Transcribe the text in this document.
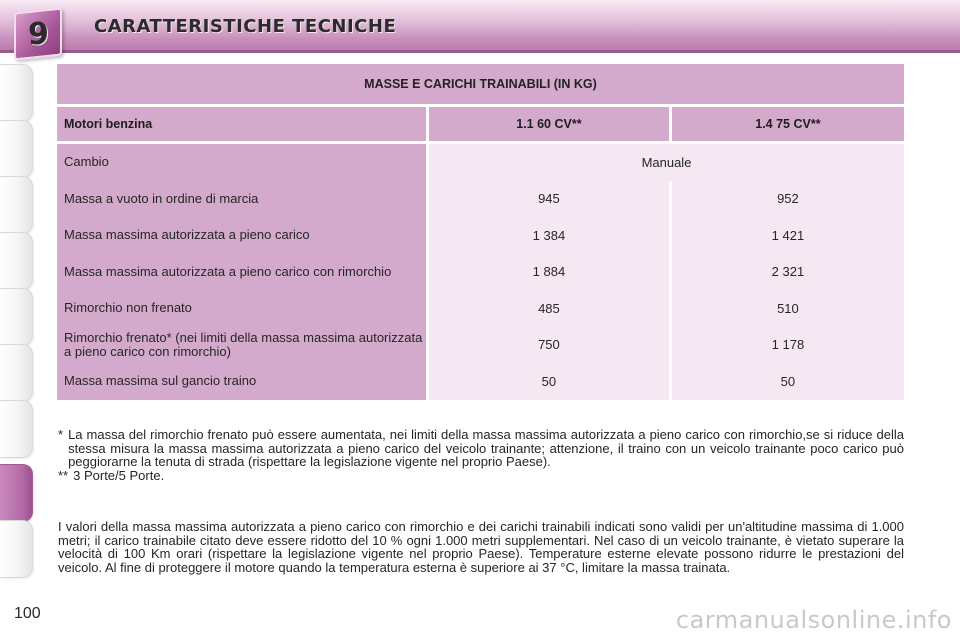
9	CARATTERISTICHE TECNICHE
MASSE E CARICHI TRAINABILI (IN KG)		
Motori benzina	1.1 60 CV**	1.4 75 CV**
Cambio	Manuale	
Massa a vuoto in ordine di marcia	945	952
Massa massima autorizzata a pieno carico	1 384	1 421
Massa massima autorizzata a pieno carico con rimorchio	1 884	2 321
Rimorchio non frenato	485	510
Rimorchio frenato* (nei limiti della massa massima autorizzata a pieno carico con rimorchio)	750	1 178
Massa massima sul gancio traino	50	50
* La massa del rimorchio frenato può essere aumentata, nei limiti della massa massima autorizzata a pieno carico con rimorchio,se si riduce della stessa misura la massa massima autorizzata a pieno carico del veicolo trainante; attenzione, il traino con un veicolo trainante poco carico può peggiorarne la tenuta di strada (rispettare la legislazione vigente nel proprio Paese).
** 3 Porte/5 Porte.
I valori della massa massima autorizzata a pieno carico con rimorchio e dei carichi trainabili indicati sono validi per un'altitudine massima di 1.000 metri; il carico trainabile citato deve essere ridotto del 10 % ogni 1.000 metri supplementari. Nel caso di un veicolo trainante, è vietato superare la velocità di 100 Km orari (rispettare la legislazione vigente nel proprio Paese). Temperature esterne elevate possono ridurre le prestazioni del veicolo. Al fine di proteggere il motore quando la temperatura esterna è superiore ai 37 °C, limitare la massa trainata.
100	carmanualsonline.info
